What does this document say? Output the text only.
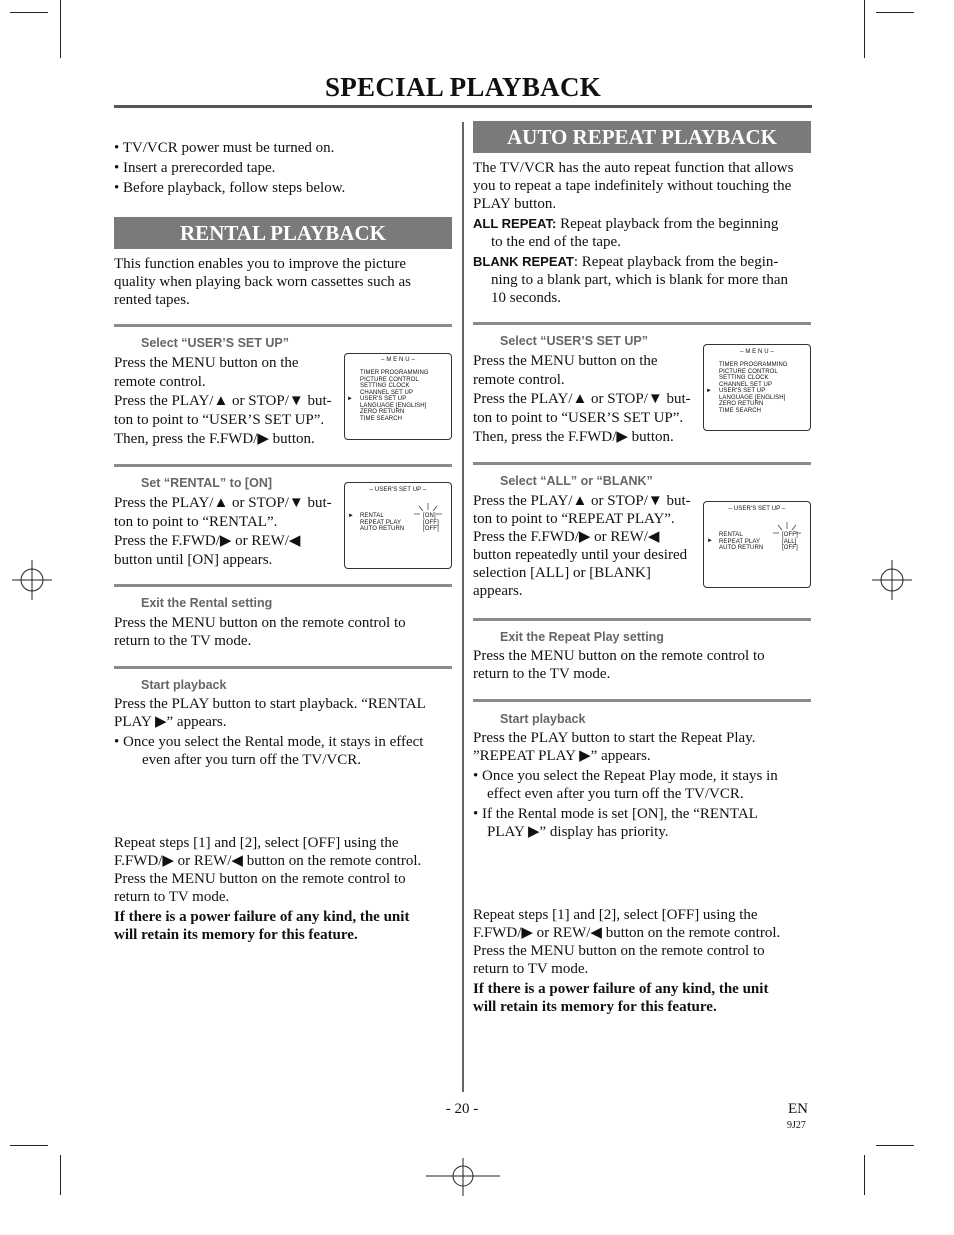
SPECIAL PLAYBACK
• TV/VCR power must be turned on.
• Insert a prerecorded tape.
• Before playback, follow steps below.
RENTAL PLAYBACK
This function enables you to improve the picture
quality when playing back worn cassettes such as
rented tapes.
Select “USER’S SET UP”
Press the MENU button on the
remote control.
Press the PLAY/▲ or STOP/▼ but-
ton to point to “USER’S SET UP”.
Then, press the F.FWD/▶ button.
– M E N U –
TIMER PROGRAMMING
PICTURE CONTROL
SETTING CLOCK
CHANNEL SET UP
USER'S SET UP
LANGUAGE [ENGLISH]
ZERO RETURN
TIME SEARCH
►
Set “RENTAL” to [ON]
Press the PLAY/▲ or STOP/▼ but-
ton to point to “RENTAL”.
Press the F.FWD/▶ or REW/◀
button until [ON] appears.
– USER'S SET UP –
RENTAL
REPEAT PLAY
AUTO RETURN
[ON]
[OFF]
[OFF]
►
Exit the Rental setting
Press the MENU button on the remote control to
return to the TV mode.
Start playback
Press the PLAY button to start playback. “RENTAL
PLAY ▶” appears.
• Once you select the Rental mode, it stays in effect
even after you turn off the TV/VCR.
Repeat steps [1] and [2], select [OFF] using the
F.FWD/▶ or REW/◀ button on the remote control.
Press the MENU button on the remote control to
return to TV mode.
If there is a power failure of any kind, the unit
will retain its memory for this feature.
AUTO REPEAT PLAYBACK
The TV/VCR has the auto repeat function that allows
you to repeat a tape indefinitely without touching the
PLAY button.
ALL REPEAT: Repeat playback from the beginning
to the end of the tape.
BLANK REPEAT: Repeat playback from the begin-
ning to a blank part, which is blank for more than
10 seconds.
Select “USER’S SET UP”
Press the MENU button on the
remote control.
Press the PLAY/▲ or STOP/▼ but-
ton to point to “USER’S SET UP”.
Then, press the F.FWD/▶ button.
– M E N U –
TIMER PROGRAMMING
PICTURE CONTROL
SETTING CLOCK
CHANNEL SET UP
USER'S SET UP
LANGUAGE [ENGLISH]
ZERO RETURN
TIME SEARCH
►
Select “ALL” or “BLANK”
Press the PLAY/▲ or STOP/▼ but-
ton to point to “REPEAT PLAY”.
Press the F.FWD/▶ or REW/◀
button repeatedly until your desired
selection [ALL] or [BLANK]
appears.
– USER'S SET UP –
RENTAL
REPEAT PLAY
AUTO RETURN
[OFF]
[ALL]
[OFF]
►
Exit the Repeat Play setting
Press the MENU button on the remote control to
return to the TV mode.
Start playback
Press the PLAY button to start the Repeat Play.
”REPEAT PLAY ▶” appears.
• Once you select the Repeat Play mode, it stays in
effect even after you turn off the TV/VCR.
• If the Rental mode is set [ON], the “RENTAL
PLAY ▶” display has priority.
Repeat steps [1] and [2], select [OFF] using the
F.FWD/▶ or REW/◀ button on the remote control.
Press the MENU button on the remote control to
return to TV mode.
If there is a power failure of any kind, the unit
will retain its memory for this feature.
- 20 -	EN
9J27
